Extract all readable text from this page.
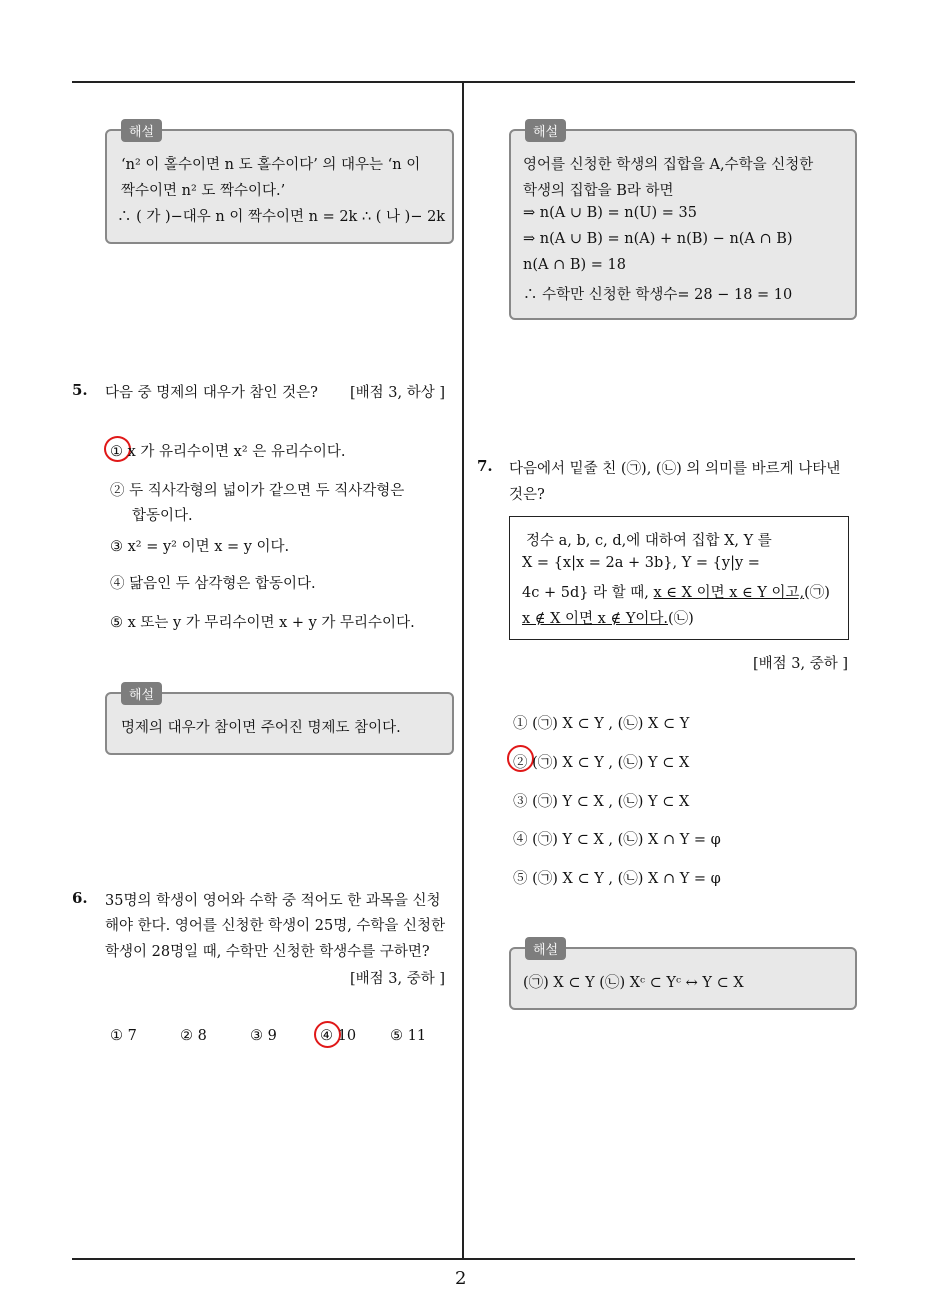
2
해설
‘n² 이 홀수이면 n 도 홀수이다’ 의 대우는 ‘n 이
짝수이면 n² 도 짝수이다.’
∴ ( 가 )−대우 n 이 짝수이면 n = 2k ∴ ( 나 )− 2k
5. 다음 중 명제의 대우가 참인 것은? [배점 3, 하상 ]
① x 가 유리수이면 x² 은 유리수이다.
② 두 직사각형의 넓이가 같으면 두 직사각형은
합동이다.
③ x² = y² 이면 x = y 이다.
④ 닮음인 두 삼각형은 합동이다.
⑤ x 또는 y 가 무리수이면 x + y 가 무리수이다.
해설
명제의 대우가 참이면 주어진 명제도 참이다.
6. 35명의 학생이 영어와 수학 중 적어도 한 과목을 신청
해야 한다. 영어를 신청한 학생이 25명, 수학을 신청한
학생이 28명일 때, 수학만 신청한 학생수를 구하면?
[배점 3, 중하 ]
① 7	② 8	③ 9	④ 10 ⑤ 11
해설
영어를 신청한 학생의 집합을 A,수학을 신청한
학생의 집합을 B라 하면
⇒ n(A ∪ B) = n(U) = 35
⇒ n(A ∪ B) = n(A) + n(B) − n(A ∩ B)
n(A ∩ B) = 18
∴ 수학만 신청한 학생수= 28 − 18 = 10
7. 다음에서 밑줄 친 (㉠), (㉡) 의 의미를 바르게 나타낸
것은?
정수 a, b, c, d,에 대하여 집합 X, Y 를
X = {x|x = 2a + 3b}, Y = {y|y =
4c + 5d} 라 할 때, x ∈ X 이면 x ∈ Y 이고,(㉠)
x ∉ X 이면 x ∉ Y이다.(㉡)
[배점 3, 중하 ]
① (㉠) X ⊂ Y , (㉡) X ⊂ Y
② (㉠) X ⊂ Y , (㉡) Y ⊂ X
③ (㉠) Y ⊂ X , (㉡) Y ⊂ X
④ (㉠) Y ⊂ X , (㉡) X ∩ Y = φ
⑤ (㉠) X ⊂ Y , (㉡) X ∩ Y = φ
해설
(㉠) X ⊂ Y (㉡) Xᶜ ⊂ Yᶜ ↔ Y ⊂ X
